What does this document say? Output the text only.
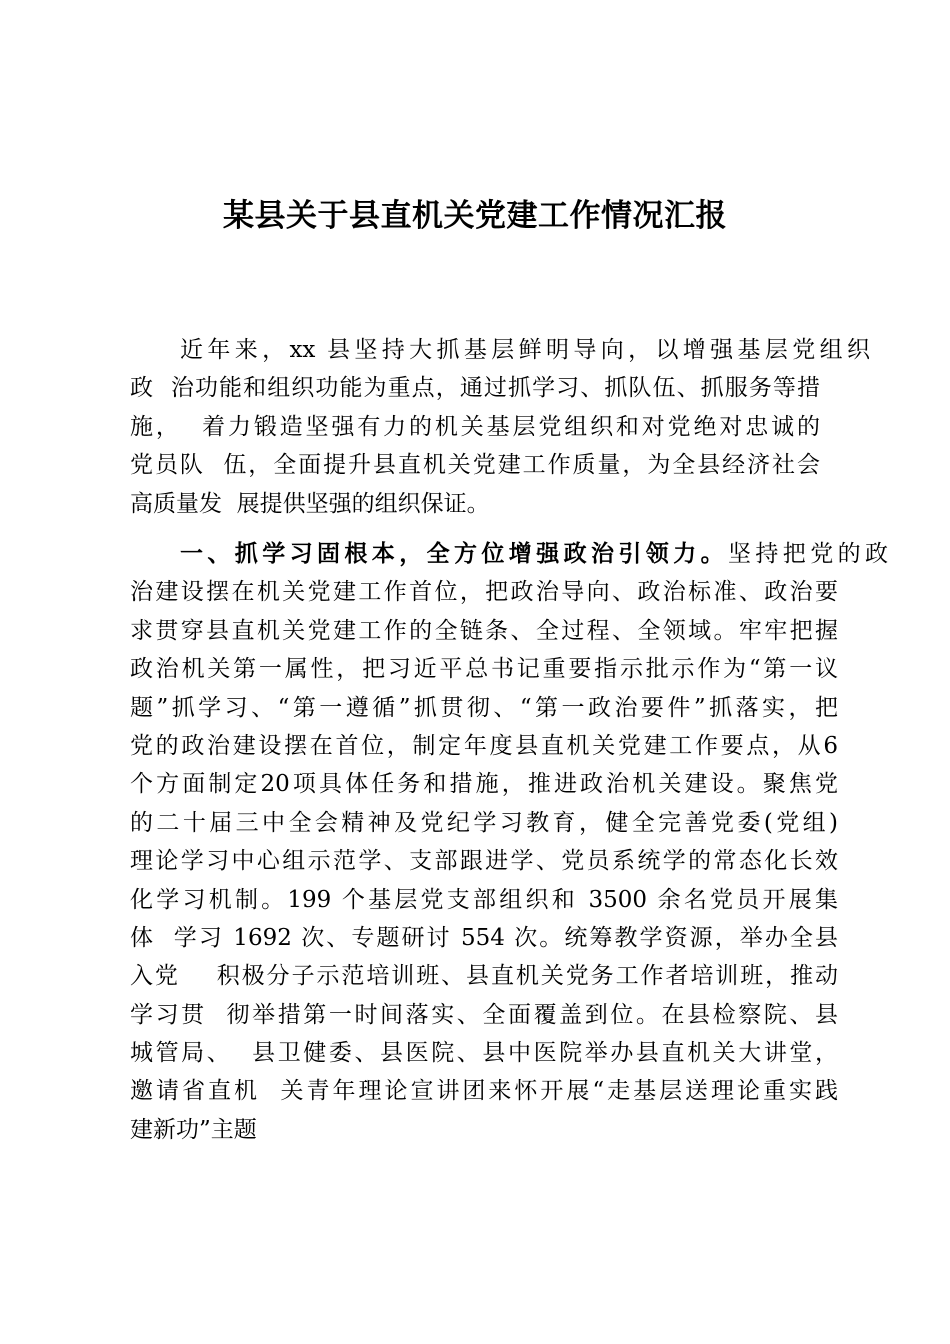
某县关于县直机关党建工作情况汇报
近年来，xx 县坚持大抓基层鲜明导向，以增强基层党组织
政  治功能和组织功能为重点，通过抓学习、抓队伍、抓服务等措
施，  着力锻造坚强有力的机关基层党组织和对党绝对忠诚的
党员队  伍，全面提升县直机关党建工作质量，为全县经济社会
高质量发  展提供坚强的组织保证。
一、抓学习固根本，全方位增强政治引领力。坚持把党的政
治建设摆在机关党建工作首位，把政治导向、政治标准、政治要
求贯穿县直机关党建工作的全链条、全过程、全领域。牢牢把握
政治机关第一属性，把习近平总书记重要指示批示作为“第一议
题”抓学习、“第一遵循”抓贯彻、“第一政治要件”抓落实，把
党的政治建设摆在首位，制定年度县直机关党建工作要点，从6
个方面制定20项具体任务和措施，推进政治机关建设。聚焦党
的二十届三中全会精神及党纪学习教育，健全完善党委(党组)
理论学习中心组示范学、支部跟进学、党员系统学的常态化长效
化学习机制。199 个基层党支部组织和 3500 余名党员开展集
体  学习 1692 次、专题研讨 554 次。统筹教学资源，举办全县
入党    积极分子示范培训班、县直机关党务工作者培训班，推动
学习贯  彻举措第一时间落实、全面覆盖到位。在县检察院、县
城管局、  县卫健委、县医院、县中医院举办县直机关大讲堂，
邀请省直机  关青年理论宣讲团来怀开展“走基层送理论重实践
建新功”主题
